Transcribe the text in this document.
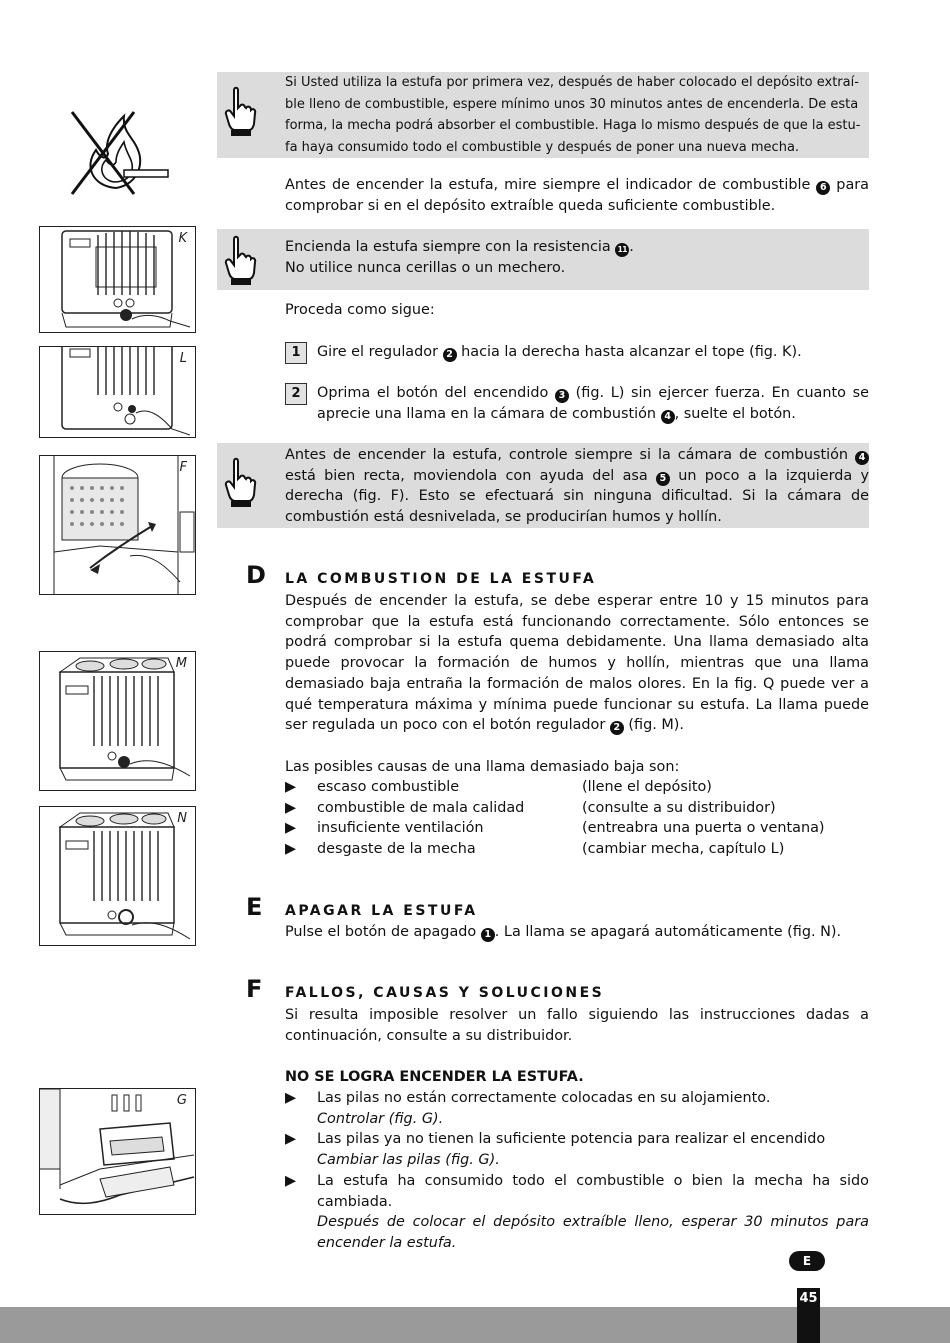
Si Usted utiliza la estufa por primera vez, después de haber colocado el depósito extraí-
ble lleno de combustible, espere mínimo unos 30 minutos antes de encenderla. De esta
forma, la mecha podrá absorber el combustible. Haga lo mismo después de que la estu-
fa haya consumido todo el combustible y después de poner una nueva mecha.
Antes de encender la estufa, mire siempre el indicador de combustible 6 para comprobar si en el depósito extraíble queda suficiente combustible.
Encienda la estufa siempre con la resistencia 11 .
No utilice nunca cerillas o un mechero.
Proceda como sigue:
1	Gire el regulador 2 hacia la derecha hasta alcanzar el tope (fig. K).
2	Oprima el botón del encendido 3 (fig. L) sin ejercer fuerza. En cuanto se aprecie una llama en la cámara de combustión 4 , suelte el botón.
Antes de encender la estufa, controle siempre si la cámara de combustión 4 está bien recta, moviendola con ayuda del asa 5 un poco a la izquierda y derecha (fig. F). Esto se efectuará sin ninguna dificultad. Si la cámara de combustión está desnivelada, se producirían humos y hollín.
D LA COMBUSTION DE LA ESTUFA
Después de encender la estufa, se debe esperar entre 10 y 15 minutos para comprobar que la estufa está funcionando correctamente. Sólo entonces se podrá comprobar si la estufa quema debidamente. Una llama demasiado alta puede provocar la formación de humos y hollín, mientras que una llama demasiado baja entraña la formación de malos olores. En la fig. Q puede ver a qué temperatura máxima y mínima puede funcionar su estufa. La llama puede ser regulada un poco con el botón regulador 2 (fig. M).
Las posibles causas de una llama demasiado baja son:
▶ escaso combustible	(llene el depósito)
▶ combustible de mala calidad	(consulte a su distribuidor)
▶ insuficiente ventilación	(entreabra una puerta o ventana)
▶ desgaste de la mecha	(cambiar mecha, capítulo L)
E APAGAR LA ESTUFA
Pulse el botón de apagado 1 . La llama se apagará automáticamente (fig. N).
F FALLOS, CAUSAS Y SOLUCIONES
Si resulta imposible resolver un fallo siguiendo las instrucciones dadas a continuación, consulte a su distribuidor.
NO SE LOGRA ENCENDER LA ESTUFA.
▶ Las pilas no están correctamente colocadas en su alojamiento.
Controlar (fig. G).
▶ Las pilas ya no tienen la suficiente potencia para realizar el encendido
Cambiar las pilas (fig. G).
▶ La estufa ha consumido todo el combustible o bien la mecha ha sido cambiada.
Después de colocar el depósito extraíble lleno, esperar 30 minutos para encender la estufa.
K
L
F
M
N
G
E
45
